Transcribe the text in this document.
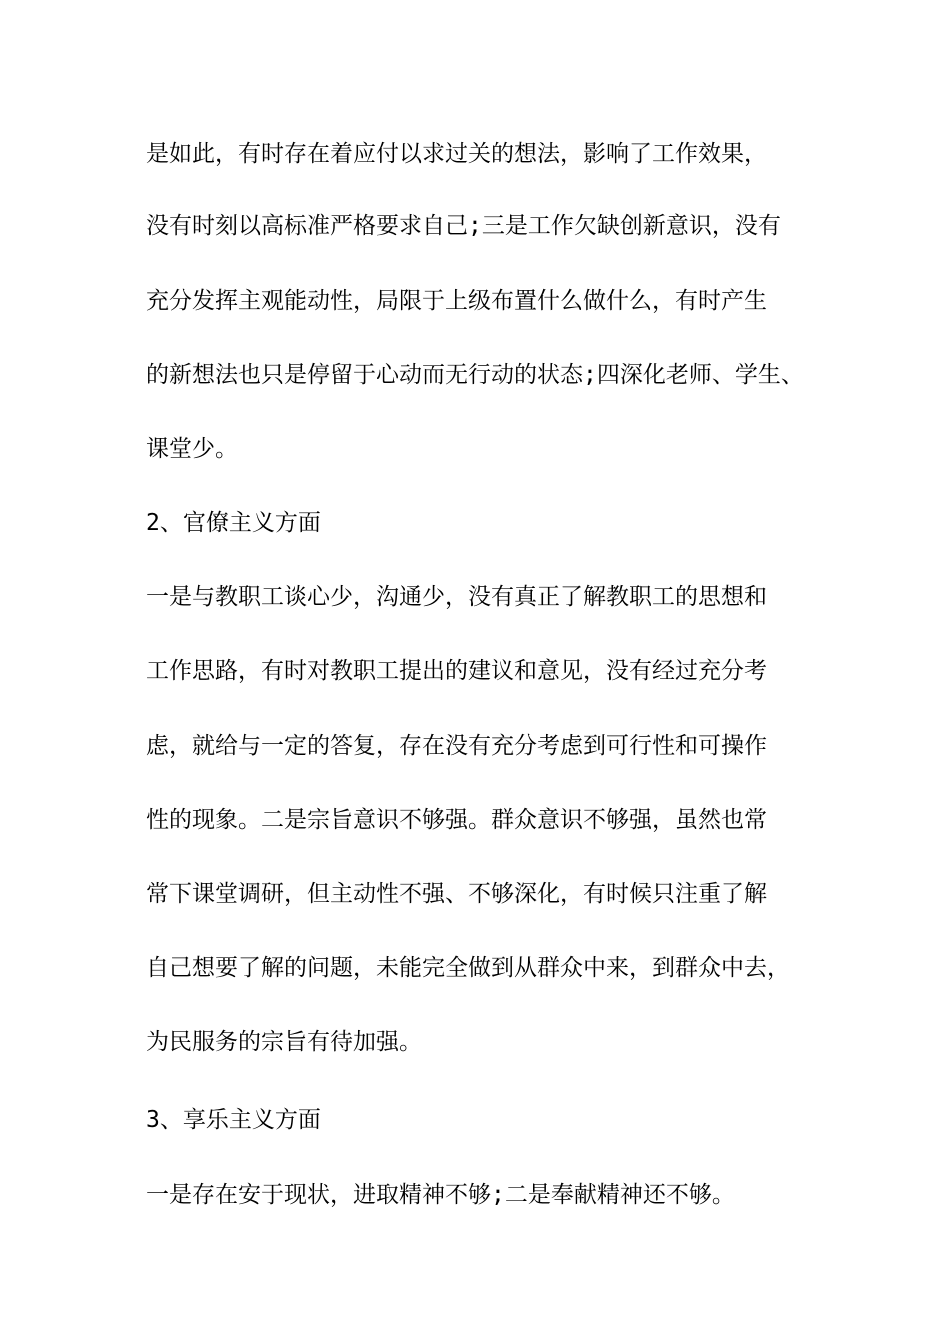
是如此，有时存在着应付以求过关的想法，影响了工作效果，
没有时刻以高标准严格要求自己;三是工作欠缺创新意识，没有
充分发挥主观能动性，局限于上级布置什么做什么，有时产生
的新想法也只是停留于心动而无行动的状态;四深化老师、学生、
课堂少。
2、官僚主义方面
一是与教职工谈心少，沟通少，没有真正了解教职工的思想和
工作思路，有时对教职工提出的建议和意见，没有经过充分考
虑，就给与一定的答复，存在没有充分考虑到可行性和可操作
性的现象。二是宗旨意识不够强。群众意识不够强，虽然也常
常下课堂调研，但主动性不强、不够深化，有时候只注重了解
自己想要了解的问题，未能完全做到从群众中来，到群众中去，
为民服务的宗旨有待加强。
3、享乐主义方面
一是存在安于现状，进取精神不够;二是奉献精神还不够。
